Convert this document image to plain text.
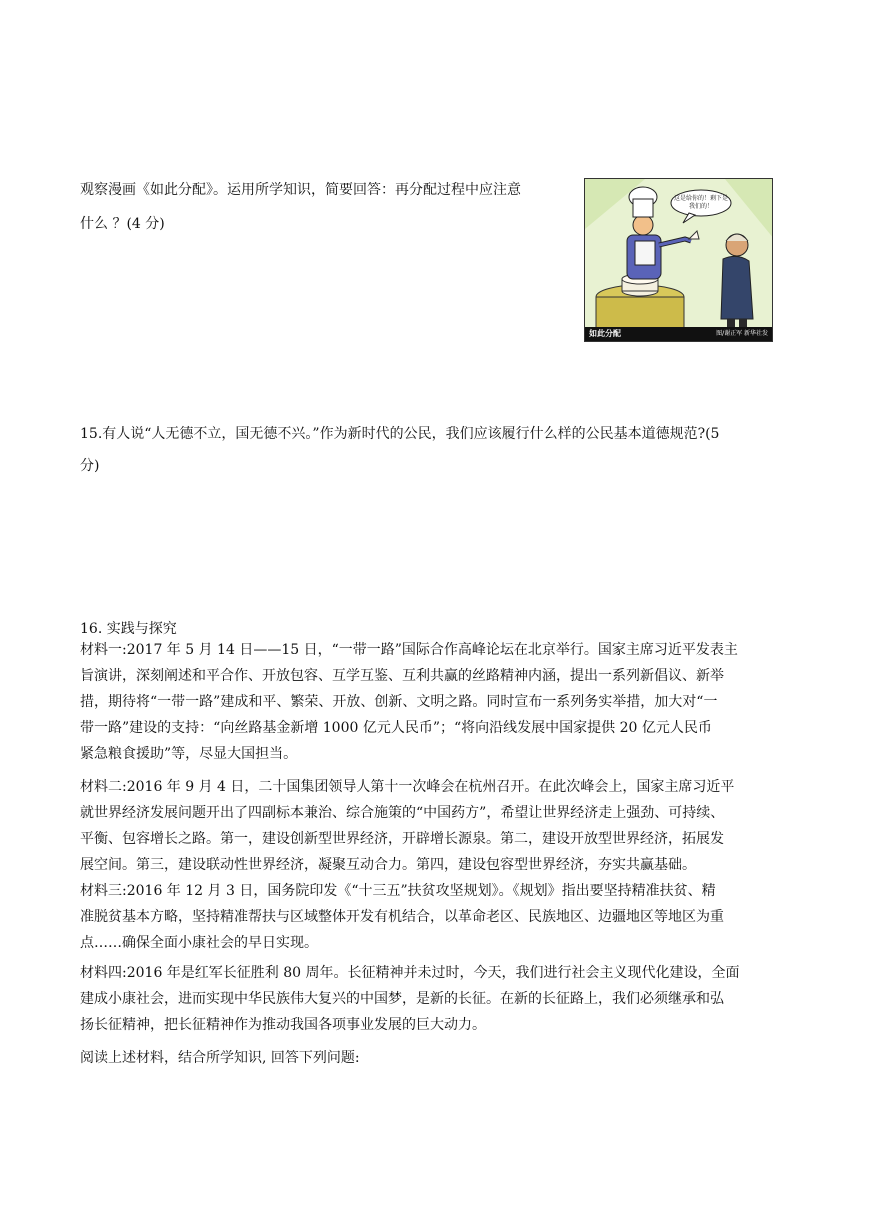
观察漫画《如此分配》。运用所学知识，简要回答：再分配过程中应注意
什么 ？(4 分)
这是给你的！剩下是我们的！
如此分配	图/谢正军 新华社发
15.有人说“人无德不立，国无德不兴。”作为新时代的公民，我们应该履行什么样的公民基本道德规范?(5
分)
16. 实践与探究
材料一:2017 年 5 月 14 日——15 日，“一带一路”国际合作高峰论坛在北京举行。国家主席习近平发表主
旨演讲，深刻阐述和平合作、开放包容、互学互鉴、互利共赢的丝路精神内涵，提出一系列新倡议、新举
措，期待将“一带一路”建成和平、繁荣、开放、创新、文明之路。同时宣布一系列务实举措，加大对“一
带一路”建设的支持：“向丝路基金新增 1000 亿元人民币”；“将向沿线发展中国家提供 20 亿元人民币
紧急粮食援助”等，尽显大国担当。
材料二:2016 年 9 月 4 日，二十国集团领导人第十一次峰会在杭州召开。在此次峰会上，国家主席习近平
就世界经济发展问题开出了四副标本兼治、综合施策的“中国药方”，希望让世界经济走上强劲、可持续、
平衡、包容增长之路。第一，建设创新型世界经济，开辟增长源泉。第二，建设开放型世界经济，拓展发
展空间。第三，建设联动性世界经济，凝聚互动合力。第四，建设包容型世界经济，夯实共赢基础。
材料三:2016 年 12 月 3 日，国务院印发《“十三五”扶贫攻坚规划》。《规划》指出要坚持精准扶贫、精
准脱贫基本方略，坚持精准帮扶与区域整体开发有机结合，以革命老区、民族地区、边疆地区等地区为重
点……确保全面小康社会的早日实现。
材料四:2016 年是红军长征胜利 80 周年。长征精神并未过时，今天，我们进行社会主义现代化建设，全面
建成小康社会，进而实现中华民族伟大复兴的中国梦，是新的长征。在新的长征路上，我们必须继承和弘
扬长征精神，把长征精神作为推动我国各项事业发展的巨大动力。
阅读上述材料，结合所学知识, 回答下列问题:
